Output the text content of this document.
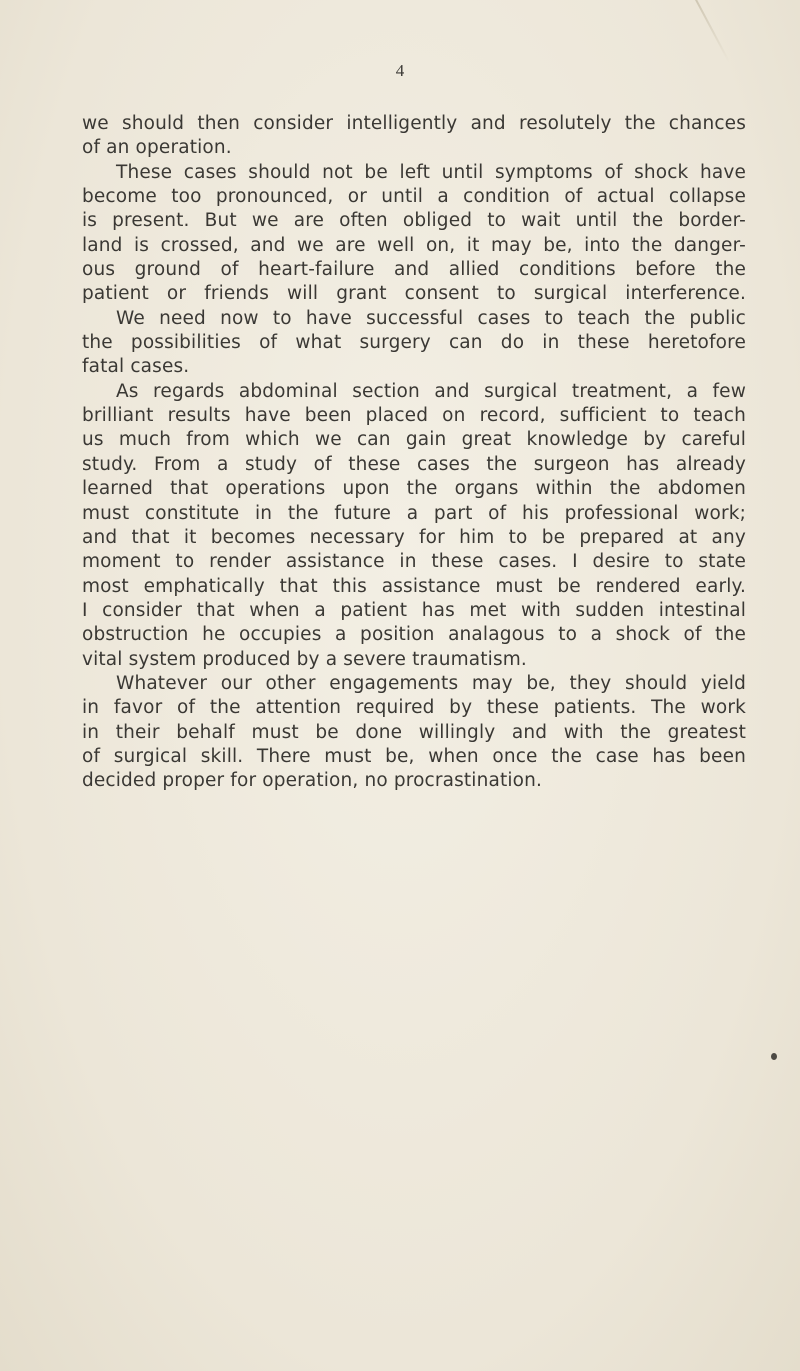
4
we should then consider intelligently and resolutely the chances
of an operation.
These cases should not be left until symptoms of shock have
become too pronounced, or until a condition of actual collapse
is present. But we are often obliged to wait until the border-
land is crossed, and we are well on, it may be, into the danger-
ous ground of heart-failure and allied conditions before the
patient or friends will grant consent to surgical interference.
We need now to have successful cases to teach the public
the possibilities of what surgery can do in these heretofore
fatal cases.
As regards abdominal section and surgical treatment, a few
brilliant results have been placed on record, sufficient to teach
us much from which we can gain great knowledge by careful
study. From a study of these cases the surgeon has already
learned that operations upon the organs within the abdomen
must constitute in the future a part of his professional work;
and that it becomes necessary for him to be prepared at any
moment to render assistance in these cases. I desire to state
most emphatically that this assistance must be rendered early.
I consider that when a patient has met with sudden intestinal
obstruction he occupies a position analagous to a shock of the
vital system produced by a severe traumatism.
Whatever our other engagements may be, they should yield
in favor of the attention required by these patients. The work
in their behalf must be done willingly and with the greatest
of surgical skill. There must be, when once the case has been
decided proper for operation, no procrastination.
